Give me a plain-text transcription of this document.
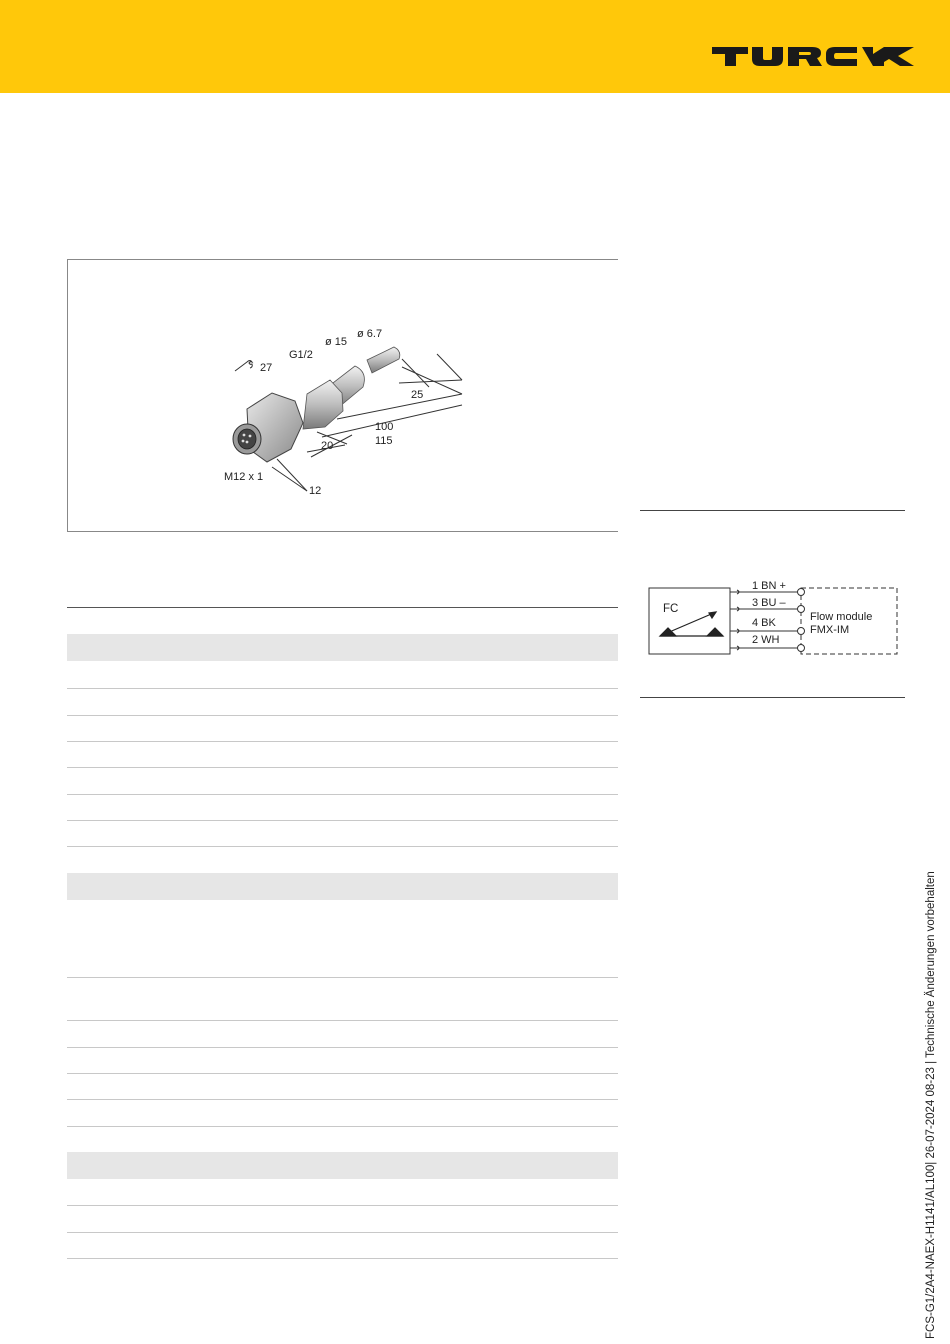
27
G1/2
ø 15
ø 6.7
25
100
115
20
M12 x 1
12
FC
1 BN +
3 BU –
4 BK
2 WH
Flow module
FMX-IM
FCS-G1/2A4-NAEX-H1141/AL100| 26-07-2024 08-23 | Technische Änderungen vorbehalten
